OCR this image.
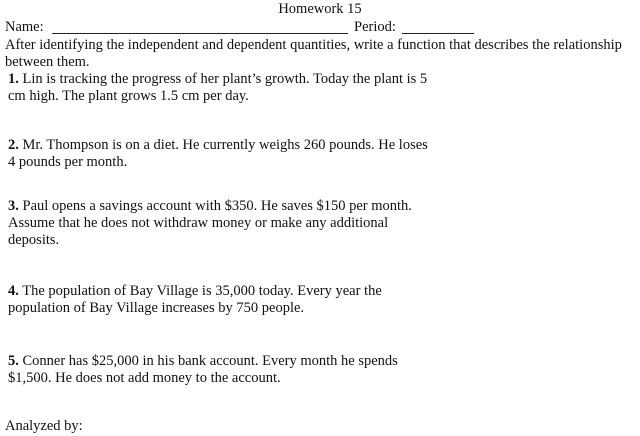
Homework 15
Name:	Period:
After identifying the independent and dependent quantities, write a function that describes the relationship between them.
1. Lin is tracking the progress of her plant’s growth. Today the plant is 5 cm high. The plant grows 1.5 cm per day.
2. Mr. Thompson is on a diet. He currently weighs 260 pounds. He loses 4 pounds per month.
3. Paul opens a savings account with $350. He saves $150 per month. Assume that he does not withdraw money or make any additional deposits.
4. The population of Bay Village is 35,000 today. Every year the population of Bay Village increases by 750 people.
5. Conner has $25,000 in his bank account. Every month he spends $1,500. He does not add money to the account.
Analyzed by:
